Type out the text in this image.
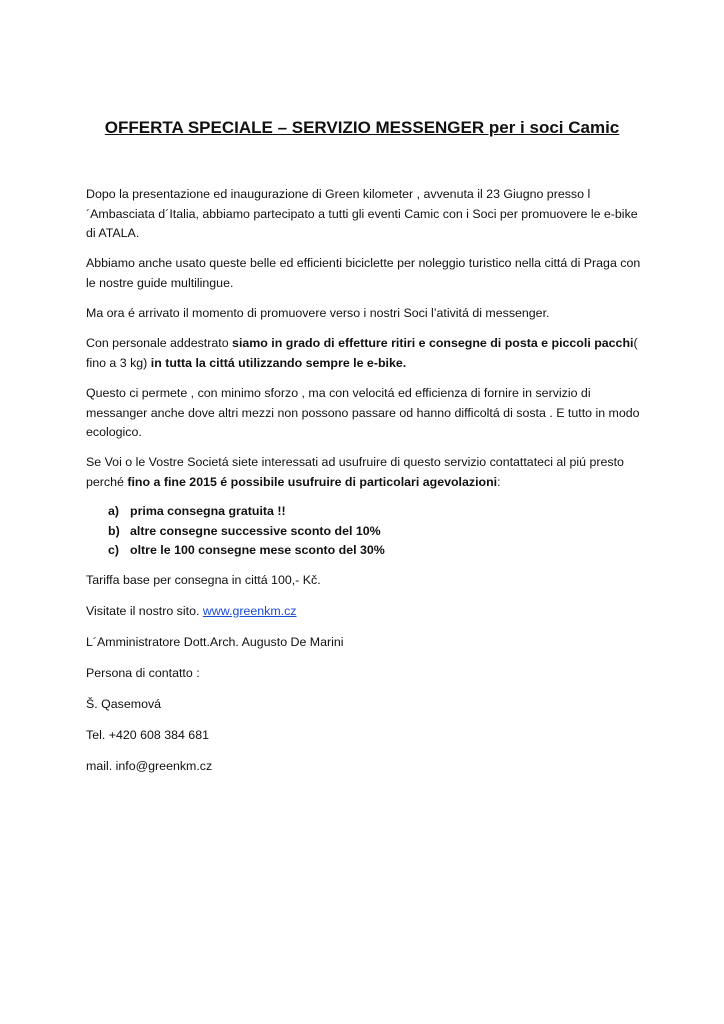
OFFERTA SPECIALE – SERVIZIO MESSENGER per i soci Camic

Dopo la presentazione ed inaugurazione di Green kilometer , avvenuta il 23 Giugno presso l´Ambasciata d´Italia, abbiamo partecipato a tutti gli eventi Camic con i Soci per promuovere le e-bike di ATALA.

Abbiamo anche usato queste belle ed efficienti biciclette per noleggio turistico nella cittá di Praga con le nostre guide multilingue.

Ma ora é arrivato il momento di promuovere verso i nostri Soci l’ativitá di messenger.

Con personale addestrato siamo in grado di effetture ritiri e consegne di posta e piccoli pacchi( fino a 3 kg) in tutta la cittá utilizzando sempre le e-bike.

Questo ci permete , con minimo sforzo , ma con velocitá ed efficienza di fornire in servizio di messanger anche dove altri mezzi non possono passare od hanno difficoltá di sosta . E tutto in modo ecologico.

Se Voi o le Vostre Societá siete interessati ad usufruire di questo servizio contattateci al piú presto perché fino a fine 2015 é possibile usufruire di particolari agevolazioni:

a) prima consegna gratuita !!
b) altre consegne successive sconto del 10%
c) oltre le 100 consegne mese sconto del 30%

Tariffa base per consegna in cittá 100,- Kč.

Visitate il nostro sito. www.greenkm.cz

L´Amministratore Dott.Arch. Augusto De Marini

Persona di contatto :

Š. Qasemová

Tel. +420 608 384 681

mail. info@greenkm.cz
